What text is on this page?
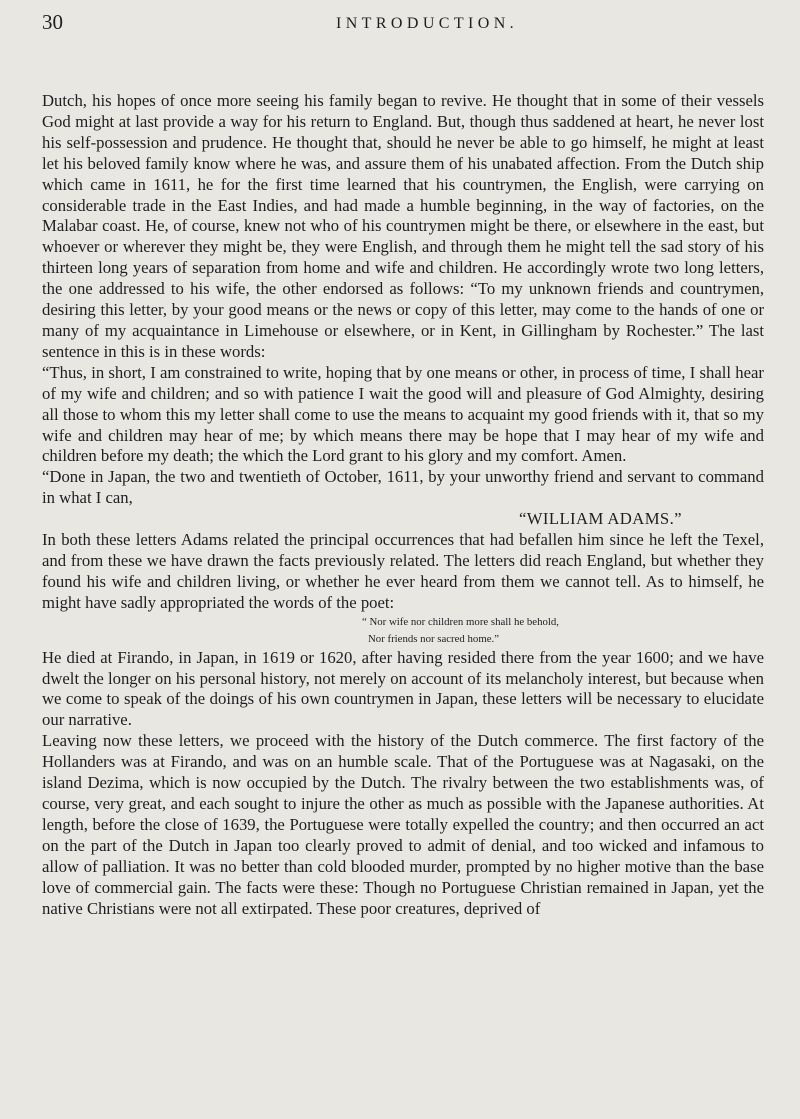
30	INTRODUCTION.

Dutch, his hopes of once more seeing his family began to revive. He thought that in some of their vessels God might at last provide a way for his return to England. But, though thus saddened at heart, he never lost his self-possession and prudence. He thought that, should he never be able to go himself, he might at least let his beloved family know where he was, and assure them of his unabated affection. From the Dutch ship which came in 1611, he for the first time learned that his countrymen, the English, were carrying on considerable trade in the East Indies, and had made a humble beginning, in the way of factories, on the Malabar coast. He, of course, knew not who of his countrymen might be there, or elsewhere in the east, but whoever or wherever they might be, they were English, and through them he might tell the sad story of his thirteen long years of separation from home and wife and children. He accordingly wrote two long letters, the one addressed to his wife, the other endorsed as follows: “To my unknown friends and countrymen, desiring this letter, by your good means or the news or copy of this letter, may come to the hands of one or many of my acquaintance in Limehouse or elsewhere, or in Kent, in Gillingham by Rochester.” The last sentence in this is in these words:

“Thus, in short, I am constrained to write, hoping that by one means or other, in process of time, I shall hear of my wife and children; and so with patience I wait the good will and pleasure of God Almighty, desiring all those to whom this my letter shall come to use the means to acquaint my good friends with it, that so my wife and children may hear of me; by which means there may be hope that I may hear of my wife and children before my death; the which the Lord grant to his glory and my comfort. Amen.

“Done in Japan, the two and twentieth of October, 1611, by your unworthy friend and servant to command in what I can,

“WILLIAM ADAMS.”

In both these letters Adams related the principal occurrences that had befallen him since he left the Texel, and from these we have drawn the facts previously related. The letters did reach England, but whether they found his wife and children living, or whether he ever heard from them we cannot tell. As to himself, he might have sadly appropriated the words of the poet:

“ Nor wife nor children more shall he behold,
Nor friends nor sacred home.”

He died at Firando, in Japan, in 1619 or 1620, after having resided there from the year 1600; and we have dwelt the longer on his personal history, not merely on account of its melancholy interest, but because when we come to speak of the doings of his own countrymen in Japan, these letters will be necessary to elucidate our narrative.

Leaving now these letters, we proceed with the history of the Dutch commerce. The first factory of the Hollanders was at Firando, and was on an humble scale. That of the Portuguese was at Nagasaki, on the island Dezima, which is now occupied by the Dutch. The rivalry between the two establishments was, of course, very great, and each sought to injure the other as much as possible with the Japanese authorities. At length, before the close of 1639, the Portuguese were totally expelled the country; and then occurred an act on the part of the Dutch in Japan too clearly proved to admit of denial, and too wicked and infamous to allow of palliation. It was no better than cold blooded murder, prompted by no higher motive than the base love of commercial gain. The facts were these: Though no Portuguese Christian remained in Japan, yet the native Christians were not all extirpated. These poor creatures, deprived of
